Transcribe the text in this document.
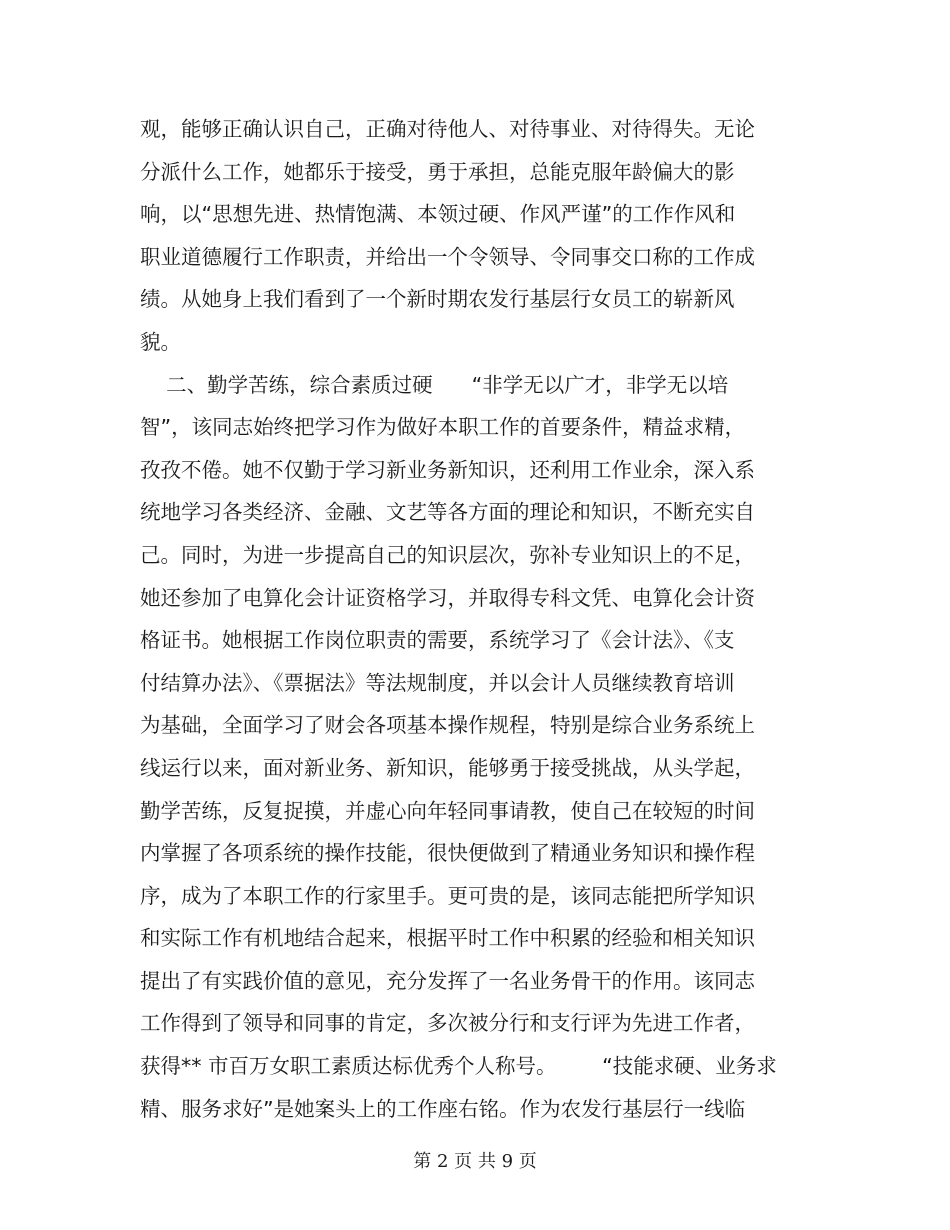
观，能够正确认识自己，正确对待他人、对待事业、对待得失。无论
分派什么工作，她都乐于接受，勇于承担，总能克服年龄偏大的影
响，以“思想先进、热情饱满、本领过硬、作风严谨”的工作作风和
职业道德履行工作职责，并给出一个令领导、令同事交口称的工作成
绩。从她身上我们看到了一个新时期农发行基层行女员工的崭新风
貌。
二、勤学苦练，综合素质过硬      “非学无以广才，非学无以培
智”，该同志始终把学习作为做好本职工作的首要条件，精益求精，
孜孜不倦。她不仅勤于学习新业务新知识，还利用工作业余，深入系
统地学习各类经济、金融、文艺等各方面的理论和知识，不断充实自
己。同时，为进一步提高自己的知识层次，弥补专业知识上的不足，
她还参加了电算化会计证资格学习，并取得专科文凭、电算化会计资
格证书。她根据工作岗位职责的需要，系统学习了《会计法》、《支
付结算办法》、《票据法》等法规制度，并以会计人员继续教育培训
为基础，全面学习了财会各项基本操作规程，特别是综合业务系统上
线运行以来，面对新业务、新知识，能够勇于接受挑战，从头学起，
勤学苦练，反复捉摸，并虚心向年轻同事请教，使自己在较短的时间
内掌握了各项系统的操作技能，很快便做到了精通业务知识和操作程
序，成为了本职工作的行家里手。更可贵的是，该同志能把所学知识
和实际工作有机地结合起来，根据平时工作中积累的经验和相关知识
提出了有实践价值的意见，充分发挥了一名业务骨干的作用。该同志
工作得到了领导和同事的肯定，多次被分行和支行评为先进工作者，
获得** 市百万女职工素质达标优秀个人称号。       “技能求硬、业务求
精、服务求好”是她案头上的工作座右铭。作为农发行基层行一线临
第 2 页 共 9 页
